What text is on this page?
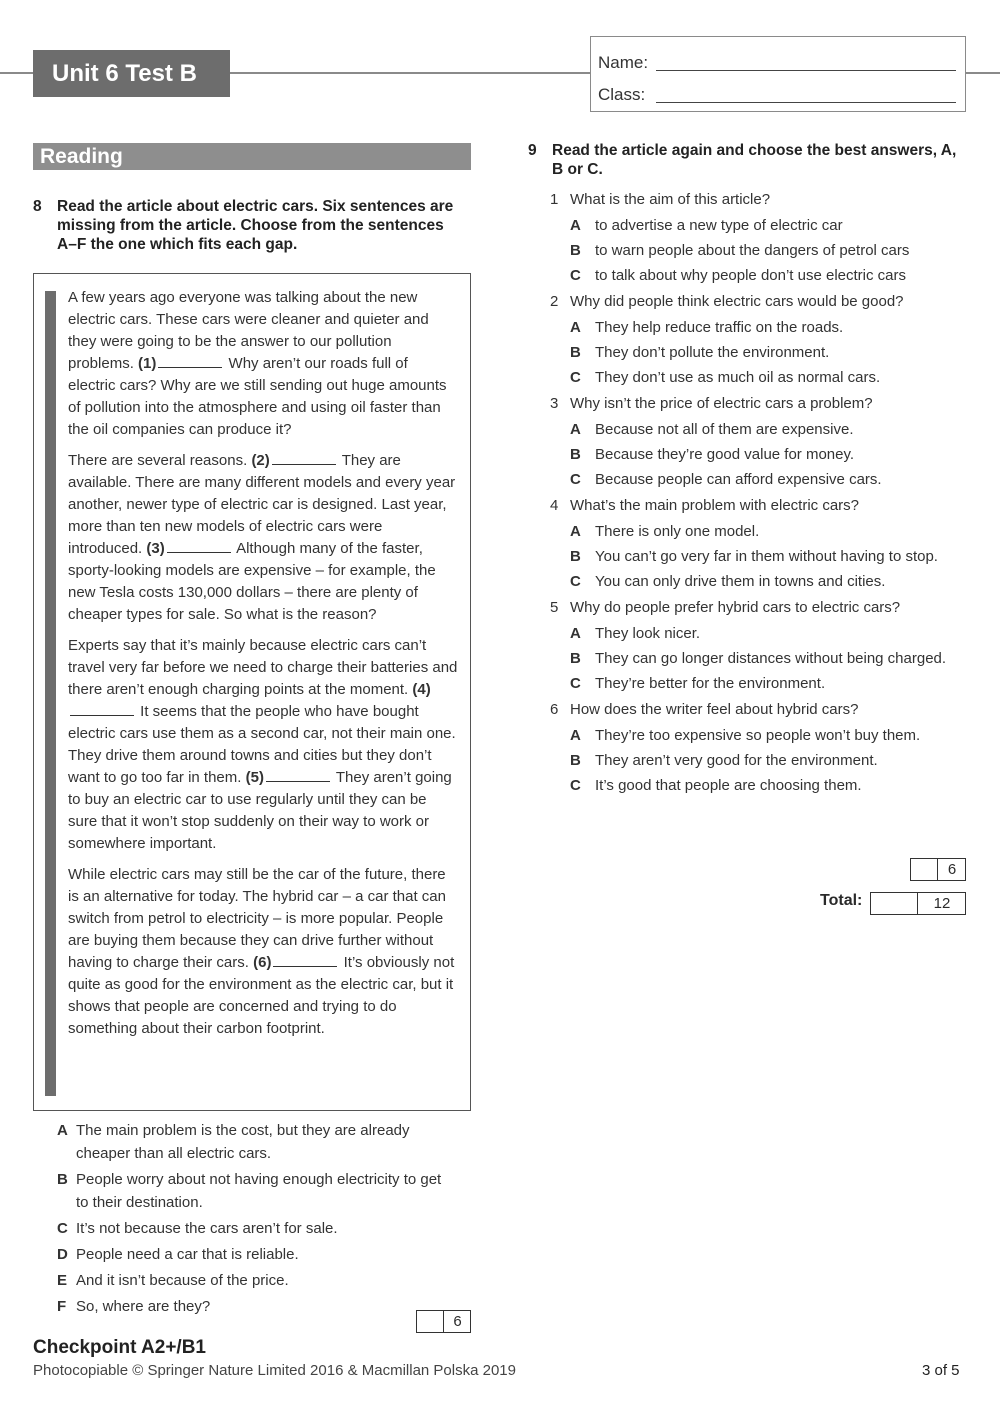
Unit 6 Test B	Name:
Class:
Reading
8 Read the article about electric cars. Six sentences are missing from the article. Choose from the sentences A–F the one which fits each gap.

A few years ago everyone was talking about the new electric cars. These cars were cleaner and quieter and they were going to be the answer to our pollution problems. (1)	Why aren’t our roads full of electric cars? Why are we still sending out huge amounts of pollution into the atmosphere and using oil faster than the oil companies can produce it?

There are several reasons. (2)	They are available. There are many different models and every year another, newer type of electric car is designed. Last year, more than ten new models of electric cars were introduced. (3)	Although many of the faster, sporty-looking models are expensive – for example, the new Tesla costs 130,000 dollars – there are plenty of cheaper types for sale. So what is the reason?

Experts say that it’s mainly because electric cars can’t travel very far before we need to charge their batteries and there aren’t enough charging points at the moment. (4) It seems that the people who have bought electric cars use them as a second car, not their main one. They drive them around towns and cities but they don’t want to go too far in them. (5)	They aren’t going to buy an electric car to use regularly until they can be sure that it won’t stop suddenly on their way to work or somewhere important.

While electric cars may still be the car of the future, there is an alternative for today. The hybrid car – a car that can switch from petrol to electricity – is more popular. People are buying them because they can drive further without having to charge their cars. (6)	It’s obviously not quite as good for the environment as the electric car, but it shows that people are concerned and trying to do something about their carbon footprint.

A The main problem is the cost, but they are already cheaper than all electric cars.
B People worry about not having enough electricity to get to their destination.
C It’s not because the cars aren’t for sale.
D People need a car that is reliable.
E And it isn’t because of the price.
F So, where are they?
6
9 Read the article again and choose the best answers, A, B or C.
1 What is the aim of this article?
A to advertise a new type of electric car
B to warn people about the dangers of petrol cars
C to talk about why people don’t use electric cars
2 Why did people think electric cars would be good?
A They help reduce traffic on the roads.
B They don’t pollute the environment.
C They don’t use as much oil as normal cars.
3 Why isn’t the price of electric cars a problem?
A Because not all of them are expensive.
B Because they’re good value for money.
C Because people can afford expensive cars.
4 What’s the main problem with electric cars?
A There is only one model.
B You can’t go very far in them without having to stop.
C You can only drive them in towns and cities.
5 Why do people prefer hybrid cars to electric cars?
A They look nicer.
B They can go longer distances without being charged.
C They’re better for the environment.
6 How does the writer feel about hybrid cars?
A They’re too expensive so people won’t buy them.
B They aren’t very good for the environment.
C It’s good that people are choosing them.
6
Total:	12
Checkpoint A2+/B1
Photocopiable © Springer Nature Limited 2016 & Macmillan Polska 2019	3 of 5
